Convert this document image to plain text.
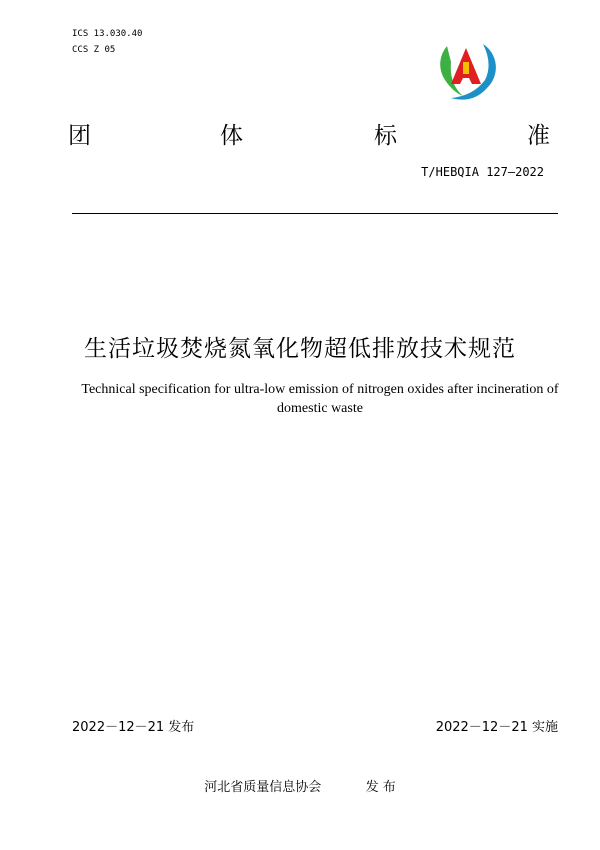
ICS 13.030.40
CCS Z 05
团	体	标	准
T/HEBQIA 127—2022
生活垃圾焚烧氮氧化物超低排放技术规范
Technical specification for ultra-low emission of nitrogen oxides after incineration of domestic waste
2022－12－21 发布	2022－12－21 实施
河北省质量信息协会	发 布
